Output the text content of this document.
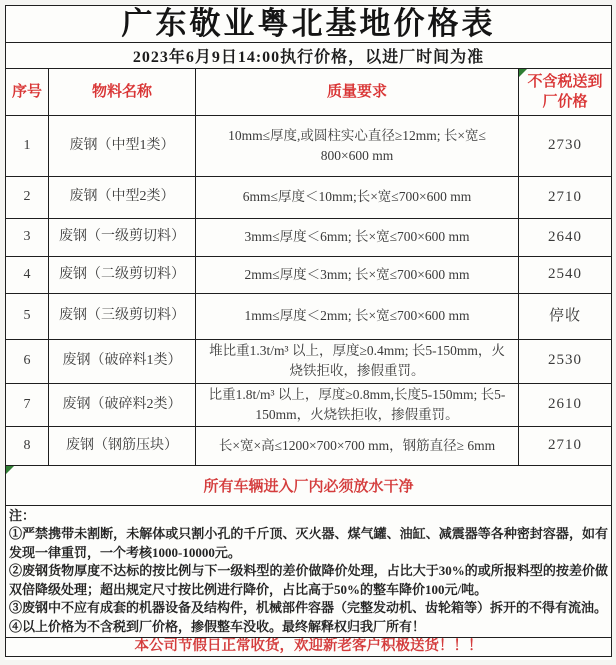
广东敬业粤北基地价格表			
2023年6月9日14:00执行价格，以进厂时间为准			
序号	物料名称	质量要求	不含税送到厂价格
1	废钢（中型1类）	10mm≤厚度,或圆柱实心直径≥12mm; 长×宽≤ 800×600 mm	2730
2	废钢（中型2类）	6mm≤厚度＜10mm;长×宽≤700×600 mm	2710
3	废钢（一级剪切料）	3mm≤厚度＜6mm; 长×宽≤700×600 mm	2640
4	废钢（二级剪切料）	2mm≤厚度＜3mm; 长×宽≤700×600 mm	2540
5	废钢（三级剪切料）	1mm≤厚度＜2mm; 长×宽≤700×600 mm	停收
6	废钢（破碎料1类）	堆比重1.3t/m³ 以上，厚度≥0.4mm; 长5-150mm，火烧铁拒收，掺假重罚。	2530
7	废钢（破碎料2类）	比重1.8t/m³ 以上，厚度≥0.8mm,长度5-150mm; 长5-150mm，火烧铁拒收，掺假重罚。	2610
8	废钢（钢筋压块）	长×宽×高≤1200×700×700 mm，钢筋直径≥ 6mm	2710

所有车辆进入厂内必须放水干净			

注：

①严禁携带未割断，未解体或只割小孔的千斤顶、灭火器、煤气罐、油缸、减震器等各种密封容器，如有发现一律重罚，一个考核1000-10000元。

②废钢货物厚度不达标的按比例与下一级料型的差价做降价处理，占比大于30%的或所报料型的按差价做双倍降级处理；超出规定尺寸按比例进行降价，占比高于50%的整车降价100元/吨。

③废钢中不应有成套的机器设备及结构件，机械部件容器（完整发动机、齿轮箱等）拆开的不得有流油。

④以上价格为不含税到厂价格，掺假整车没收。最终解释权归我厂所有！			

本公司节假日正常收货，欢迎新老客户积极送货！！！			
